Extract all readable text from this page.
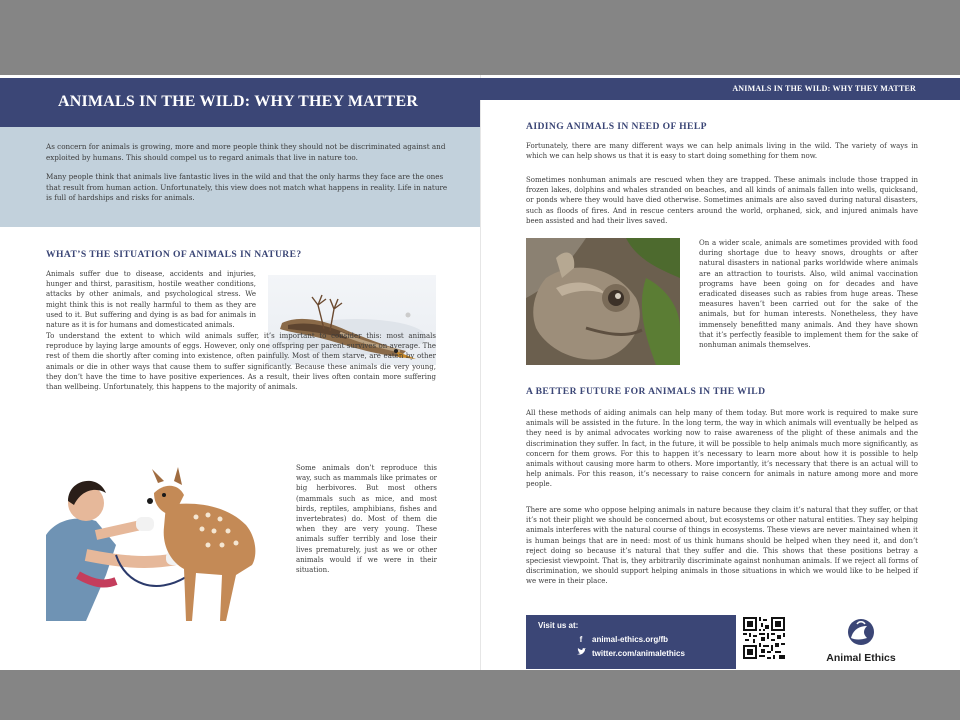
ANIMALS IN THE WILD: WHY THEY MATTER

As concern for animals is growing, more and more people think they should not be discriminated against and exploited by humans. This should compel us to regard animals that live in nature too.

Many people think that animals live fantastic lives in the wild and that the only harms they face are the ones that result from human action. Unfortunately, this view does not match what happens in reality. Life in nature is full of hardships and risks for animals.

WHAT’S THE SITUATION OF ANIMALS IN NATURE?

Animals suffer due to disease, accidents and injuries, hunger and thirst, parasitism, hostile weather conditions, attacks by other animals, and psychological stress. We might think this is not really harmful to them as they are used to it. But suffering and dying is as bad for animals in nature as it is for humans and domesticated animals.

To understand the extent to which wild animals suffer, it’s important to consider this: most animals reproduce by laying large amounts of eggs. However, only one offspring per parent survives on average. The rest of them die shortly after coming into existence, often painfully. Most of them starve, are eaten by other animals or die in other ways that cause them to suffer significantly. Because these animals die very young, they don’t have the time to have positive experiences. As a result, their lives often contain more suffering than wellbeing. Unfortunately, this happens to the majority of animals.

Some animals don’t reproduce this way, such as mammals like primates or big herbivores. But most others (mammals such as mice, and most birds, reptiles, amphibians, fishes and invertebrates) do. Most of them die when they are very young. These animals suffer terribly and lose their lives prematurely, just as we or other animals would if we were in their situation.

ANIMALS IN THE WILD: WHY THEY MATTER
AIDING ANIMALS IN NEED OF HELP

Fortunately, there are many different ways we can help animals living in the wild. The variety of ways in which we can help shows us that it is easy to start doing something for them now.

Sometimes nonhuman animals are rescued when they are trapped. These animals include those trapped in frozen lakes, dolphins and whales stranded on beaches, and all kinds of animals fallen into wells, quicksand, or ponds where they would have died otherwise. Sometimes animals are also saved during natural disasters, such as floods of fires. And in rescue centers around the world, orphaned, sick, and injured animals have been assisted and had their lives saved.

On a wider scale, animals are sometimes provided with food during shortage due to heavy snows, droughts or after natural disasters in national parks worldwide where animals are an attraction to tourists. Also, wild animal vaccination programs have been going on for decades and have eradicated diseases such as rabies from huge areas. These measures haven’t been carried out for the sake of the animals, but for human interests. Nonetheless, they have immensely benefitted many animals. And they have shown that it’s perfectly feasible to implement them for the sake of nonhuman animals themselves.

A BETTER FUTURE FOR ANIMALS IN THE WILD

All these methods of aiding animals can help many of them today. But more work is required to make sure animals will be assisted in the future. In the long term, the way in which animals will eventually be helped as they need is by animal advocates working now to raise awareness of the plight of these animals and the discrimination they suffer. In fact, in the future, it will be possible to help animals much more significantly, as concern for them grows. For this to happen it’s necessary to learn more about how it is possible to help animals without causing more harm to others. More importantly, it’s necessary that there is an actual will to help animals. For this reason, it’s necessary to raise concern for animals in nature among more and more people.

There are some who oppose helping animals in nature because they claim it’s natural that they suffer, or that it’s not their plight we should be concerned about, but ecosystems or other natural entities. They say helping animals interferes with the natural course of things in ecosystems. These views are never maintained when it is human beings that are in need: most of us think humans should be helped when they need it, and don’t reject doing so because it’s natural that they suffer and die. This shows that these positions betray a speciesist viewpoint. That is, they arbitrarily discriminate against nonhuman animals. If we reject all forms of discrimination, we should support helping animals in those situations in which we would like to be helped if we were in their place.

Visit us at:
f	animal-ethics.org/fb
twitter.com/animalethics	Animal Ethics
